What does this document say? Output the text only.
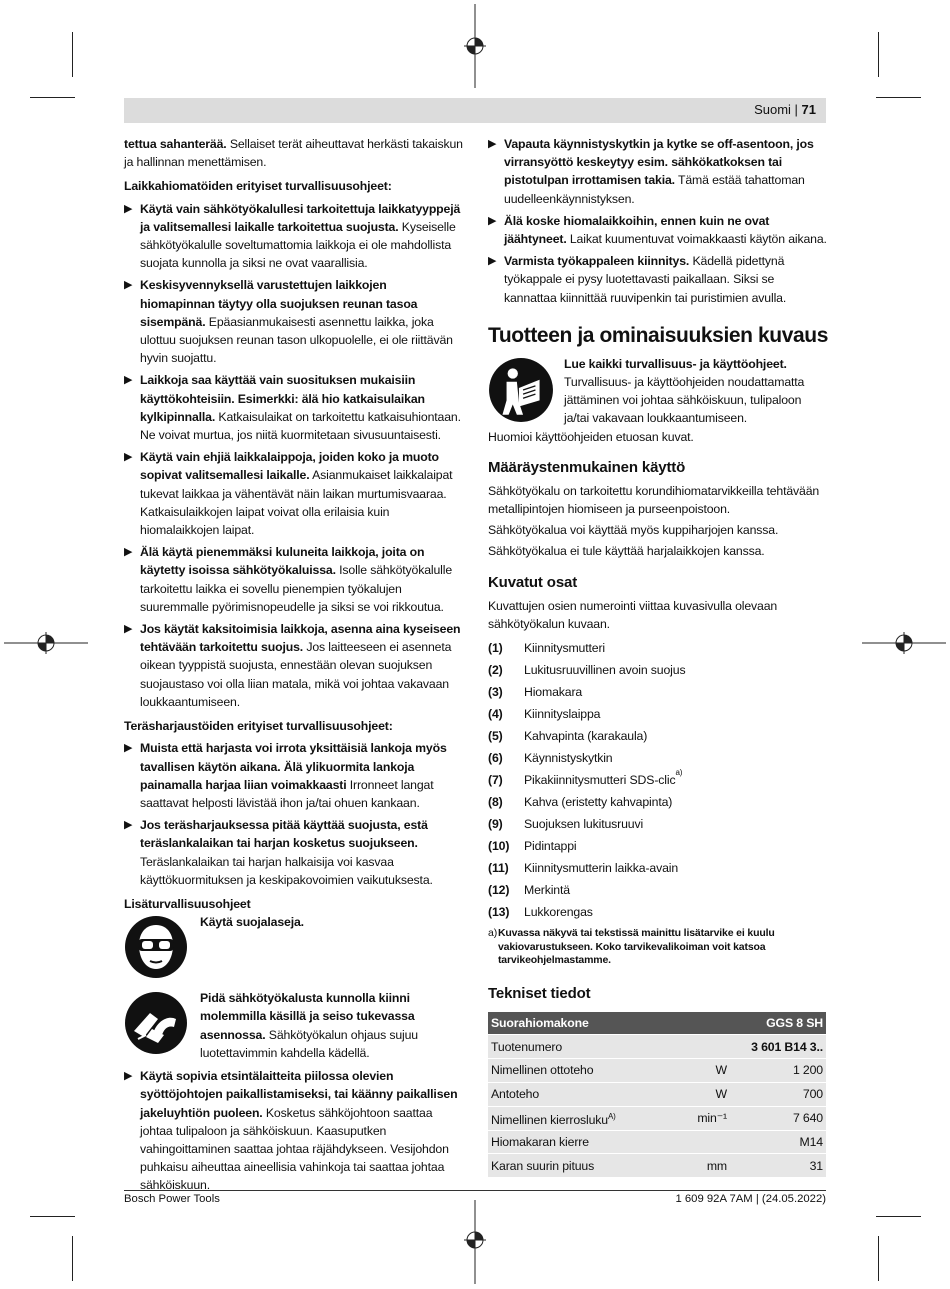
Suomi | 71

tettua sahanterää. Sellaiset terät aiheuttavat herkästi takaiskun ja hallinnan menettämisen.

Laikkahiomatöiden erityiset turvallisuusohjeet:

▶ Käytä vain sähkötyökalullesi tarkoitettuja laikkatyyppejä ja valitsemallesi laikalle tarkoitettua suojusta. Kyseiselle sähkötyökalulle soveltumattomia laikkoja ei ole mahdollista suojata kunnolla ja siksi ne ovat vaarallisia.

▶ Keskisyvennyksellä varustettujen laikkojen hiomapinnan täytyy olla suojuksen reunan tasoa sisempänä. Epäasianmukaisesti asennettu laikka, joka ulottuu suojuksen reunan tason ulkopuolelle, ei ole riittävän hyvin suojattu.

▶ Laikkoja saa käyttää vain suosituksen mukaisiin käyttökohteisiin. Esimerkki: älä hio katkaisulaikan kylkipinnalla. Katkaisulaikat on tarkoitettu katkaisuhiontaan. Ne voivat murtua, jos niitä kuormitetaan sivusuuntaisesti.

▶ Käytä vain ehjiä laikkalaippoja, joiden koko ja muoto sopivat valitsemallesi laikalle. Asianmukaiset laikkalaipat tukevat laikkaa ja vähentävät näin laikan murtumisvaaraa. Katkaisulaikkojen laipat voivat olla erilaisia kuin hiomalaikkojen laipat.

▶ Älä käytä pienemmäksi kuluneita laikkoja, joita on käytetty isoissa sähkötyökaluissa. Isolle sähkötyökalulle tarkoitettu laikka ei sovellu pienempien työkalujen suuremmalle pyörimisnopeudelle ja siksi se voi rikkoutua.

▶ Jos käytät kaksitoimisia laikkoja, asenna aina kyseiseen tehtävään tarkoitettu suojus. Jos laitteeseen ei asenneta oikean tyyppistä suojusta, ennestään olevan suojuksen suojaustaso voi olla liian matala, mikä voi johtaa vakavaan loukkaantumiseen.

Teräsharjaustöiden erityiset turvallisuusohjeet:

▶ Muista että harjasta voi irrota yksittäisiä lankoja myös tavallisen käytön aikana. Älä ylikuormita lankoja painamalla harjaa liian voimakkaasti Irronneet langat saattavat helposti lävistää ihon ja/tai ohuen kankaan.

▶ Jos teräsharjauksessa pitää käyttää suojusta, estä teräslankalaikan tai harjan kosketus suojukseen. Teräslankalaikan tai harjan halkaisija voi kasvaa käyttökuormituksen ja keskipakovoimien vaikutuksesta.

Lisäturvallisuusohjeet

Käytä suojalaseja.

Pidä sähkötyökalusta kunnolla kiinni molemmilla käsillä ja seiso tukevassa asennossa. Sähkötyökalun ohjaus sujuu luotettavimmin kahdella kädellä.

▶ Käytä sopivia etsintälaitteita piilossa olevien syöttöjohtojen paikallistamiseksi, tai käänny paikallisen jakeluyhtiön puoleen. Kosketus sähköjohtoon saattaa johtaa tulipaloon ja sähköiskuun. Kaasuputken vahingoittaminen saattaa johtaa räjähdykseen. Vesijohdon puhkaisu aiheuttaa aineellisia vahinkoja tai saattaa johtaa sähköiskuun.

▶ Vapauta käynnistyskytkin ja kytke se off-asentoon, jos virransyöttö keskeytyy esim. sähkökatkoksen tai pistotulpan irrottamisen takia. Tämä estää tahattoman uudelleenkäynnistyksen.

▶ Älä koske hiomalaikkoihin, ennen kuin ne ovat jäähtyneet. Laikat kuumentuvat voimakkaasti käytön aikana.

▶ Varmista työkappaleen kiinnitys. Kädellä pidettynä työkappale ei pysy luotettavasti paikallaan. Siksi se kannattaa kiinnittää ruuvipenkin tai puristimien avulla.

Tuotteen ja ominaisuuksien kuvaus

Lue kaikki turvallisuus- ja käyttöohjeet. Turvallisuus- ja käyttöohjeiden noudattamatta jättäminen voi johtaa sähköiskuun, tulipaloon ja/tai vakavaan loukkaantumiseen.

Huomioi käyttöohjeiden etuosan kuvat.

Määräystenmukainen käyttö

Sähkötyökalu on tarkoitettu korundihiomatarvikkeilla tehtävään metallipintojen hiomiseen ja purseenpoistoon.

Sähkötyökalua voi käyttää myös kuppiharjojen kanssa.

Sähkötyökalua ei tule käyttää harjalaikkojen kanssa.

Kuvatut osat

Kuvattujen osien numerointi viittaa kuvasivulla olevaan sähkötyökalun kuvaan.

(1)	Kiinnitysmutteri
(2)	Lukitusruuvillinen avoin suojus
(3)	Hiomakara
(4)	Kiinnityslaippa
(5)	Kahvapinta (karakaula)
(6)	Käynnistyskytkin
(7)	Pikakiinnitysmutteri SDS-clic
a)
(8)	Kahva (eristetty kahvapinta)
(9)	Suojuksen lukitusruuvi
(10)	Pidintappi
(11)	Kiinnitysmutterin laikka-avain
(12)	Merkintä
(13)	Lukkorengas
a) Kuvassa näkyvä tai tekstissä mainittu lisätarvike ei kuulu vakiovarustukseen. Koko tarvikevalikoiman voit katsoa tarvikeohjelmastamme.

Tekniset tiedot

Suorahiomakone		GGS 8 SH
Tuotenumero		3 601 B14 3..
Nimellinen ottoteho	W	1 200
Antoteho	W	700
Nimellinen kierrosluku$^{A)}$	min⁻¹	7 640
Hiomakaran kierre		M14
Karan suurin pituus	mm	31
Bosch Power Tools	1 609 92A 7AM | (24.05.2022)
